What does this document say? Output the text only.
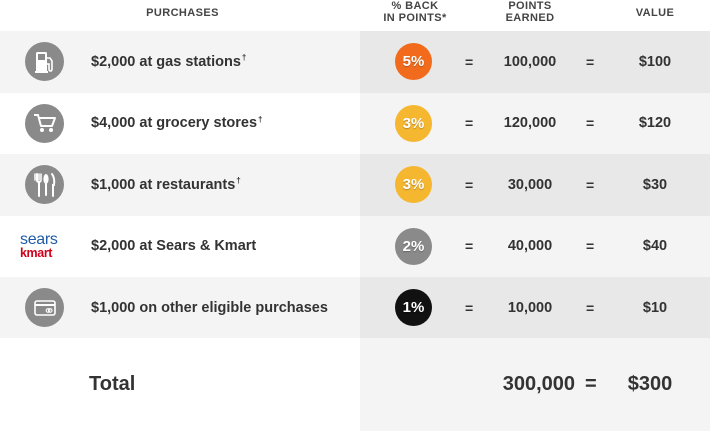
PURCHASES
% BACK
IN POINTS*
POINTS
EARNED	VALUE
$2,000 at gas stations†	5%	=	100,000	=	$100
$4,000 at grocery stores†	3%	=	120,000	=	$120
$1,000 at restaurants†	3%	=	30,000	=	$30
sears
kmart	$2,000 at Sears & Kmart	2%	=	40,000	=	$40
$1,000 on other eligible purchases	1%	=	10,000	=	$10
Total	300,000 =	$300
